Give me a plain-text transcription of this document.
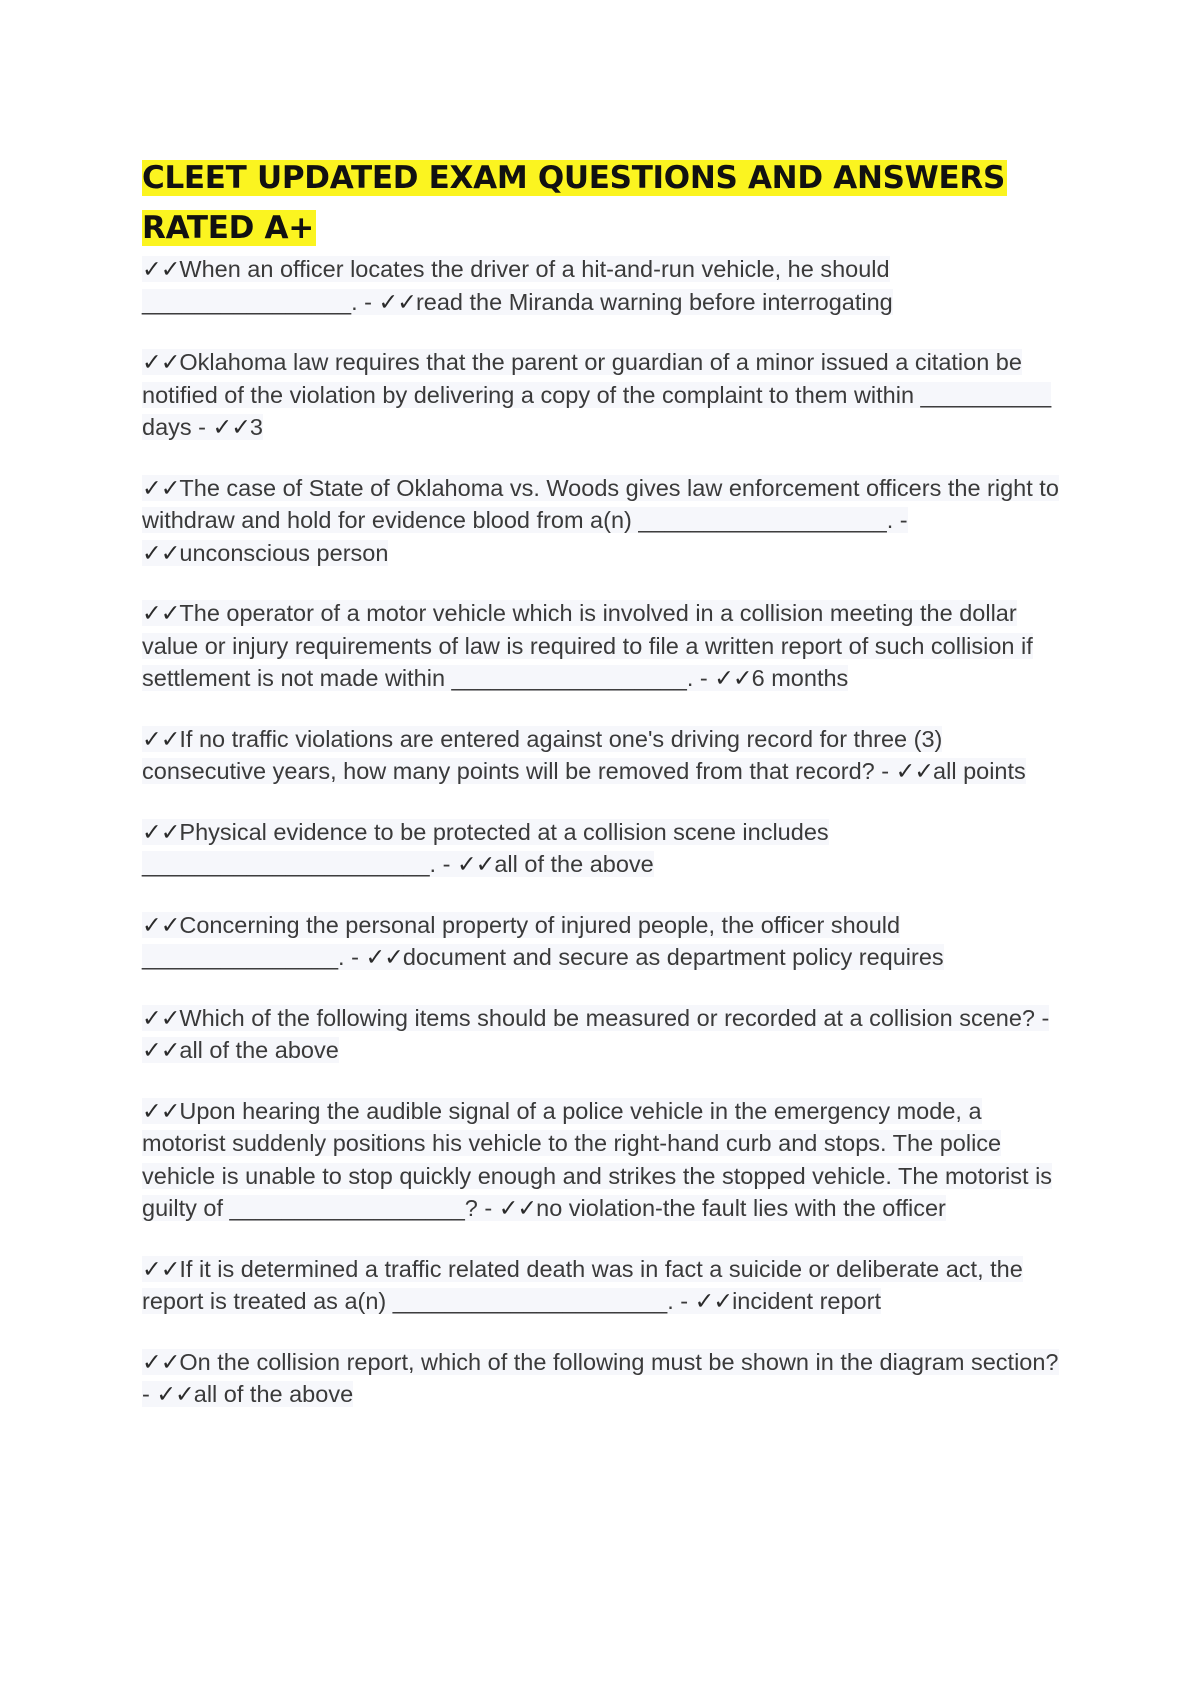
CLEET UPDATED EXAM QUESTIONS AND ANSWERS RATED A+

✓✓When an officer locates the driver of a hit-and-run vehicle, he should ________________. - ✓✓read the Miranda warning before interrogating

✓✓Oklahoma law requires that the parent or guardian of a minor issued a citation be notified of the violation by delivering a copy of the complaint to them within __________ days - ✓✓3

✓✓The case of State of Oklahoma vs. Woods gives law enforcement officers the right to withdraw and hold for evidence blood from a(n) ___________________. - ✓✓unconscious person

✓✓The operator of a motor vehicle which is involved in a collision meeting the dollar value or injury requirements of law is required to file a written report of such collision if settlement is not made within __________________. - ✓✓6 months

✓✓If no traffic violations are entered against one's driving record for three (3) consecutive years, how many points will be removed from that record? - ✓✓all points

✓✓Physical evidence to be protected at a collision scene includes ______________________. - ✓✓all of the above

✓✓Concerning the personal property of injured people, the officer should _______________. - ✓✓document and secure as department policy requires

✓✓Which of the following items should be measured or recorded at a collision scene? - ✓✓all of the above

✓✓Upon hearing the audible signal of a police vehicle in the emergency mode, a motorist suddenly positions his vehicle to the right-hand curb and stops. The police vehicle is unable to stop quickly enough and strikes the stopped vehicle. The motorist is guilty of __________________? - ✓✓no violation-the fault lies with the officer

✓✓If it is determined a traffic related death was in fact a suicide or deliberate act, the report is treated as a(n) _____________________. - ✓✓incident report

✓✓On the collision report, which of the following must be shown in the diagram section? - ✓✓all of the above
